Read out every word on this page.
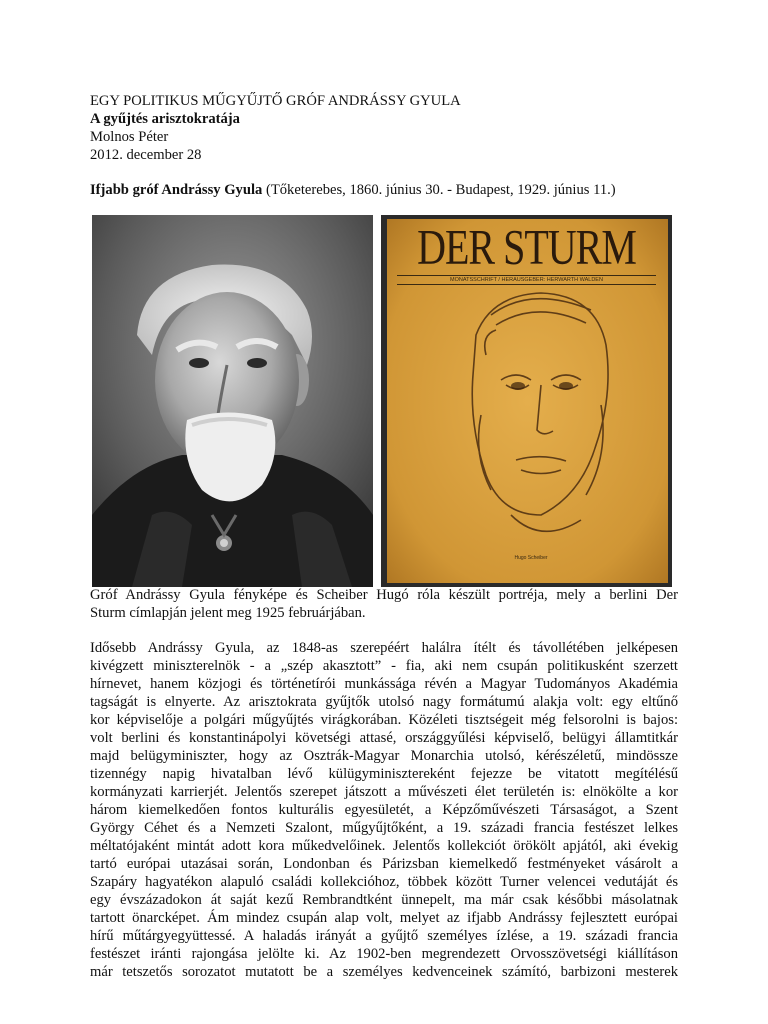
EGY POLITIKUS MŰGYŰJTŐ GRÓF ANDRÁSSY GYULA
A gyűjtés arisztokratája
Molnos Péter
2012. december 28
Ifjabb gróf Andrássy Gyula (Tőketerebes, 1860. június 30. - Budapest, 1929. június 11.)
DER STURM
MONATSSCHRIFT / HERAUSGEBER: HERWARTH WALDEN
Hugo Scheiber
Gróf Andrássy Gyula fényképe és Scheiber Hugó róla készült portréja, mely a berlini Der
Sturm címlapján jelent meg 1925 februárjában.
Idősebb Andrássy Gyula, az 1848-as szerepéért halálra ítélt és távollétében jelképesen
kivégzett miniszterelnök - a „szép akasztott” - fia, aki nem csupán politikusként szerzett
hírnevet, hanem közjogi és történetírói munkássága révén a Magyar Tudományos Akadémia
tagságát is elnyerte. Az arisztokrata gyűjtők utolsó nagy formátumú alakja volt: egy eltűnő
kor képviselője a polgári műgyűjtés virágkorában. Közéleti tisztségeit még felsorolni is bajos:
volt berlini és konstantinápolyi követségi attasé, országgyűlési képviselő, belügyi államtitkár
majd belügyminiszter, hogy az Osztrák-Magyar Monarchia utolsó, kérészéletű, mindössze
tizennégy napig hivatalban lévő külügyminisztereként fejezze be vitatott megítélésű
kormányzati karrierjét. Jelentős szerepet játszott a művészeti élet területén is: elnökölte a kor
három kiemelkedően fontos kulturális egyesületét, a Képzőművészeti Társaságot, a Szent
György Céhet és a Nemzeti Szalont, műgyűjtőként, a 19. századi francia festészet lelkes
méltatójaként mintát adott kora műkedvelőinek. Jelentős kollekciót örökölt apjától, aki évekig
tartó európai utazásai során, Londonban és Párizsban kiemelkedő festményeket vásárolt a
Szapáry hagyatékon alapuló családi kollekcióhoz, többek között Turner velencei vedutáját és
egy évszázadokon át saját kezű Rembrandtként ünnepelt, ma már csak későbbi másolatnak
tartott önarcképet. Ám mindez csupán alap volt, melyet az ifjabb Andrássy fejlesztett európai
hírű műtárgyegyüttessé. A haladás irányát a gyűjtő személyes ízlése, a 19. századi francia
festészet iránti rajongása jelölte ki. Az 1902-ben megrendezett Orvosszövetségi kiállításon
már tetszetős sorozatot mutatott be a személyes kedvenceinek számító, barbizoni mesterek
